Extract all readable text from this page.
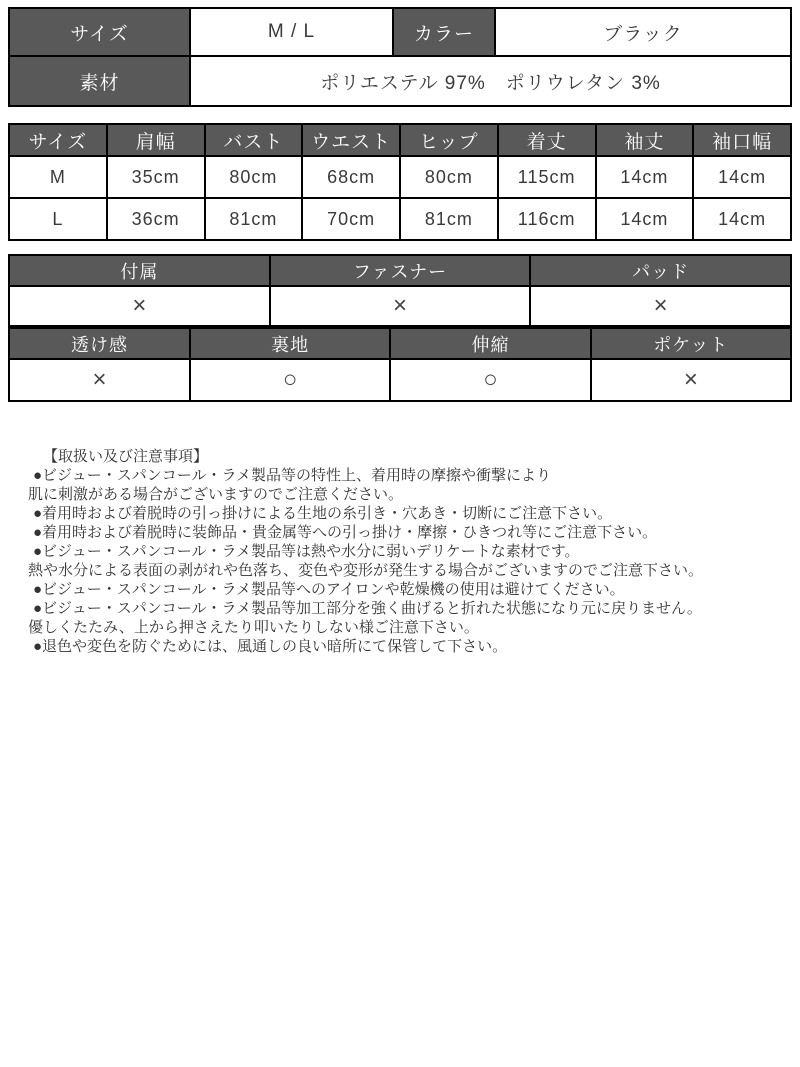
サイズ	M / L	カラー	ブラック
素材	ポリエステル 97%　ポリウレタン 3%
サイズ	肩幅	バスト	ウエスト	ヒップ	着丈	袖丈	袖口幅
M	35cm	80cm	68cm	80cm	115cm	14cm	14cm
L	36cm	81cm	70cm	81cm	116cm	14cm	14cm
付属	ファスナー	パッド
×	×	×
透け感	裏地	伸縮	ポケット
×	○	○	×
【取扱い及び注意事項】
●ビジュー・スパンコール・ラメ製品等の特性上、着用時の摩擦や衝撃により
肌に刺激がある場合がございますのでご注意ください。
●着用時および着脱時の引っ掛けによる生地の糸引き・穴あき・切断にご注意下さい。
●着用時および着脱時に装飾品・貴金属等への引っ掛け・摩擦・ひきつれ等にご注意下さい。
●ビジュー・スパンコール・ラメ製品等は熱や水分に弱いデリケートな素材です。
熱や水分による表面の剥がれや色落ち、変色や変形が発生する場合がございますのでご注意下さい。
●ビジュー・スパンコール・ラメ製品等へのアイロンや乾燥機の使用は避けてください。
●ビジュー・スパンコール・ラメ製品等加工部分を強く曲げると折れた状態になり元に戻りません。
優しくたたみ、上から押さえたり叩いたりしない様ご注意下さい。
●退色や変色を防ぐためには、風通しの良い暗所にて保管して下さい。
